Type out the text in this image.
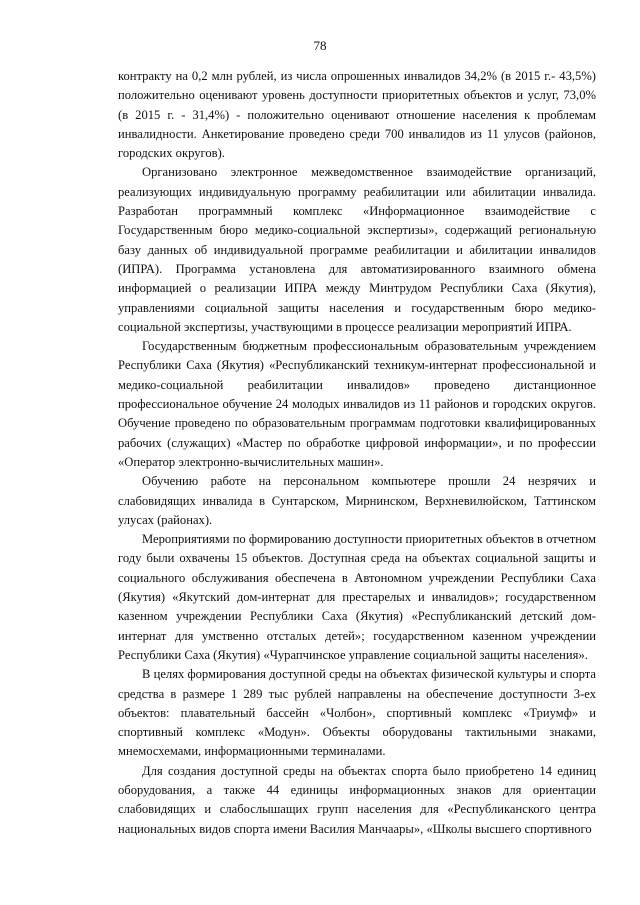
78

контракту на 0,2 млн рублей, из числа опрошенных инвалидов 34,2% (в 2015 г.- 43,5%) положительно оценивают уровень доступности приоритетных объектов и услуг, 73,0% (в 2015 г. - 31,4%) - положительно оценивают отношение населения к проблемам инвалидности. Анкетирование проведено среди 700 инвалидов из 11 улусов (районов, городских округов).

Организовано электронное межведомственное взаимодействие организаций, реализующих индивидуальную программу реабилитации или абилитации инвалида. Разработан программный комплекс «Информационное взаимодействие с Государственным бюро медико-социальной экспертизы», содержащий региональную базу данных об индивидуальной программе реабилитации и абилитации инвалидов (ИПРА). Программа установлена для автоматизированного взаимного обмена информацией о реализации ИПРА между Минтрудом Республики Саха (Якутия), управлениями социальной защиты населения и государственным бюро медико-социальной экспертизы, участвующими в процессе реализации мероприятий ИПРА.

Государственным бюджетным профессиональным образовательным учреждением Республики Саха (Якутия) «Республиканский техникум-интернат профессиональной и медико-социальной реабилитации инвалидов» проведено дистанционное профессиональное обучение 24 молодых инвалидов из 11 районов и городских округов. Обучение проведено по образовательным программам подготовки квалифицированных рабочих (служащих) «Мастер по обработке цифровой информации», и по профессии «Оператор электронно-вычислительных машин».

Обучению работе на персональном компьютере прошли 24 незрячих и слабовидящих инвалида в Сунтарском, Мирнинском, Верхневилюйском, Таттинском улусах (районах).

Мероприятиями по формированию доступности приоритетных объектов в отчетном году были охвачены 15 объектов. Доступная среда на объектах социальной защиты и социального обслуживания обеспечена в Автономном учреждении Республики Саха (Якутия) «Якутский дом-интернат для престарелых и инвалидов»; государственном казенном учреждении Республики Саха (Якутия) «Республиканский детский дом-интернат для умственно отсталых детей»; государственном казенном учреждении Республики Саха (Якутия) «Чурапчинское управление социальной защиты населения».

В целях формирования доступной среды на объектах физической культуры и спорта средства в размере 1 289 тыс рублей направлены на обеспечение доступности 3-ех объектов: плавательный бассейн «Чолбон», спортивный комплекс «Триумф» и спортивный комплекс «Модун». Объекты оборудованы тактильными знаками, мнемосхемами, информационными терминалами.

Для создания доступной среды на объектах спорта было приобретено 14 единиц оборудования, а также 44 единицы информационных знаков для ориентации слабовидящих и слабослышащих групп населения для «Республиканского центра национальных видов спорта имени Василия Манчаары», «Школы высшего спортивного
